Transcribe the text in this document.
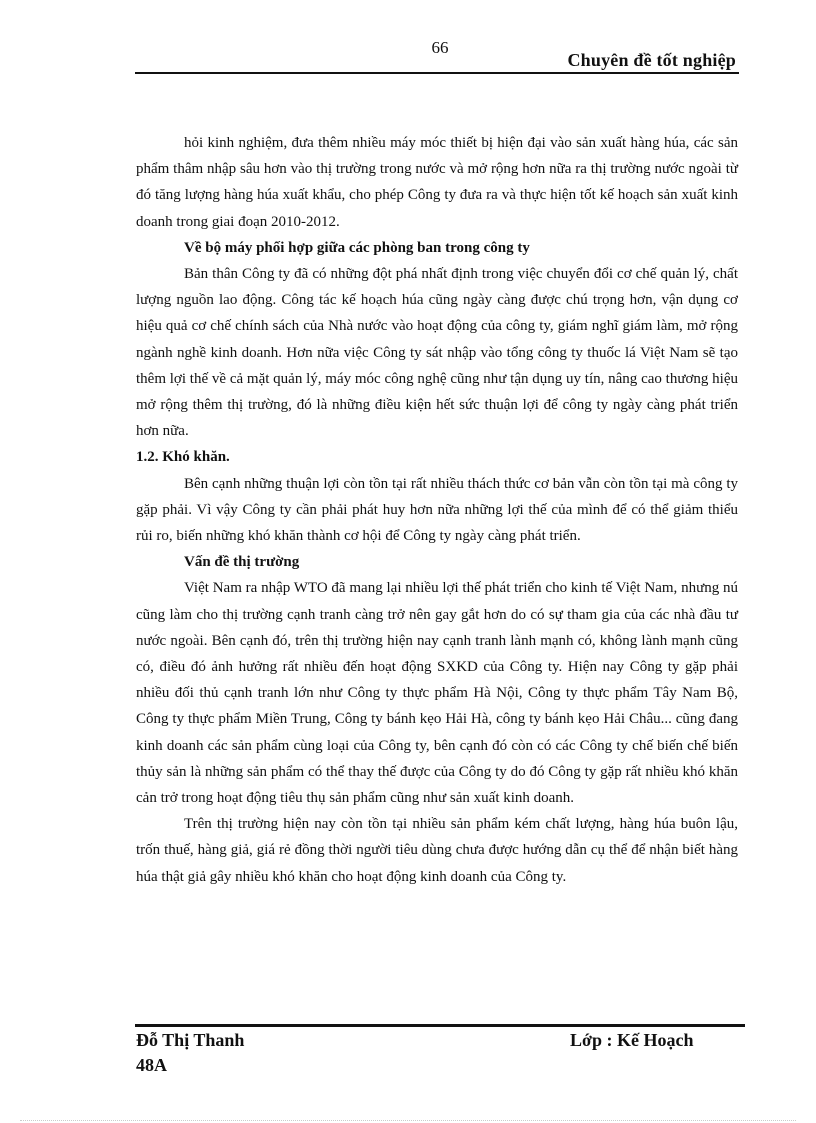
66
Chuyên đề tốt nghiệp

hỏi kinh nghiệm, đưa thêm nhiều máy móc thiết bị hiện đại vào sản xuất hàng húa, các sản phẩm thâm nhập sâu hơn vào thị trường trong nước và mở rộng hơn nữa ra thị trường nước ngoài từ đó tăng lượng hàng húa xuất khẩu, cho phép Công ty đưa ra và thực hiện tốt kế hoạch sản xuất kinh doanh trong giai đoạn 2010-2012.

Về bộ máy phối hợp giữa các phòng ban trong công ty

Bản thân Công ty đã có những đột phá nhất định trong việc chuyển đổi cơ chế quản lý, chất lượng nguồn lao động. Công tác kế hoạch húa cũng ngày càng được chú trọng hơn, vận dụng cơ hiệu quả cơ chế chính sách của Nhà nước vào hoạt động của công ty, giám nghĩ giám làm, mở rộng ngành nghề kinh doanh. Hơn nữa việc Công ty sát nhập vào tổng công ty thuốc lá Việt Nam sẽ tạo thêm lợi thế về cả mặt quản lý, máy móc công nghệ cũng như tận dụng uy tín, nâng cao thương hiệu mở rộng thêm thị trường, đó là những điều kiện hết sức thuận lợi để công ty ngày càng phát triển hơn nữa.

1.2. Khó khăn.

Bên cạnh những thuận lợi còn tồn tại rất nhiều thách thức cơ bản vẫn còn tồn tại mà công ty gặp phải. Vì vậy Công ty cần phải phát huy hơn nữa những lợi thế của mình để có thể giảm thiểu rủi ro, biến những khó khăn thành cơ hội để Công ty ngày càng phát triển.

Vấn đề thị trường

Việt Nam ra nhập WTO đã mang lại nhiều lợi thế phát triển cho kinh tế Việt Nam, nhưng nú cũng làm cho thị trường cạnh tranh càng trở nên gay gắt hơn do có sự tham gia của các nhà đầu tư nước ngoài. Bên cạnh đó, trên thị trường hiện nay cạnh tranh lành mạnh có, không lành mạnh cũng có, điều đó ảnh hưởng rất nhiều đến hoạt động SXKD của Công ty. Hiện nay Công ty gặp phải nhiều đối thủ cạnh tranh lớn như Công ty thực phẩm Hà Nội, Công ty thực phẩm Tây Nam Bộ, Công ty thực phẩm Miền Trung, Công ty bánh kẹo Hải Hà, công ty bánh kẹo Hải Châu... cũng đang kinh doanh các sản phẩm cùng loại của Công ty, bên cạnh đó còn có các Công ty chế biến chế biến thủy sản là những sản phẩm có thể thay thế được của Công ty do đó Công ty gặp rất nhiều khó khăn cản trở trong hoạt động tiêu thụ sản phẩm cũng như sản xuất kinh doanh.

Trên thị trường hiện nay còn tồn tại nhiều sản phẩm kém chất lượng, hàng húa buôn lậu, trốn thuế, hàng giả, giá rẻ đồng thời người tiêu dùng chưa được hướng dẫn cụ thể để nhận biết hàng húa thật giả gây nhiều khó khăn cho hoạt động kinh doanh của Công ty.

Đỗ Thị Thanh	Lớp : Kế Hoạch
48A
